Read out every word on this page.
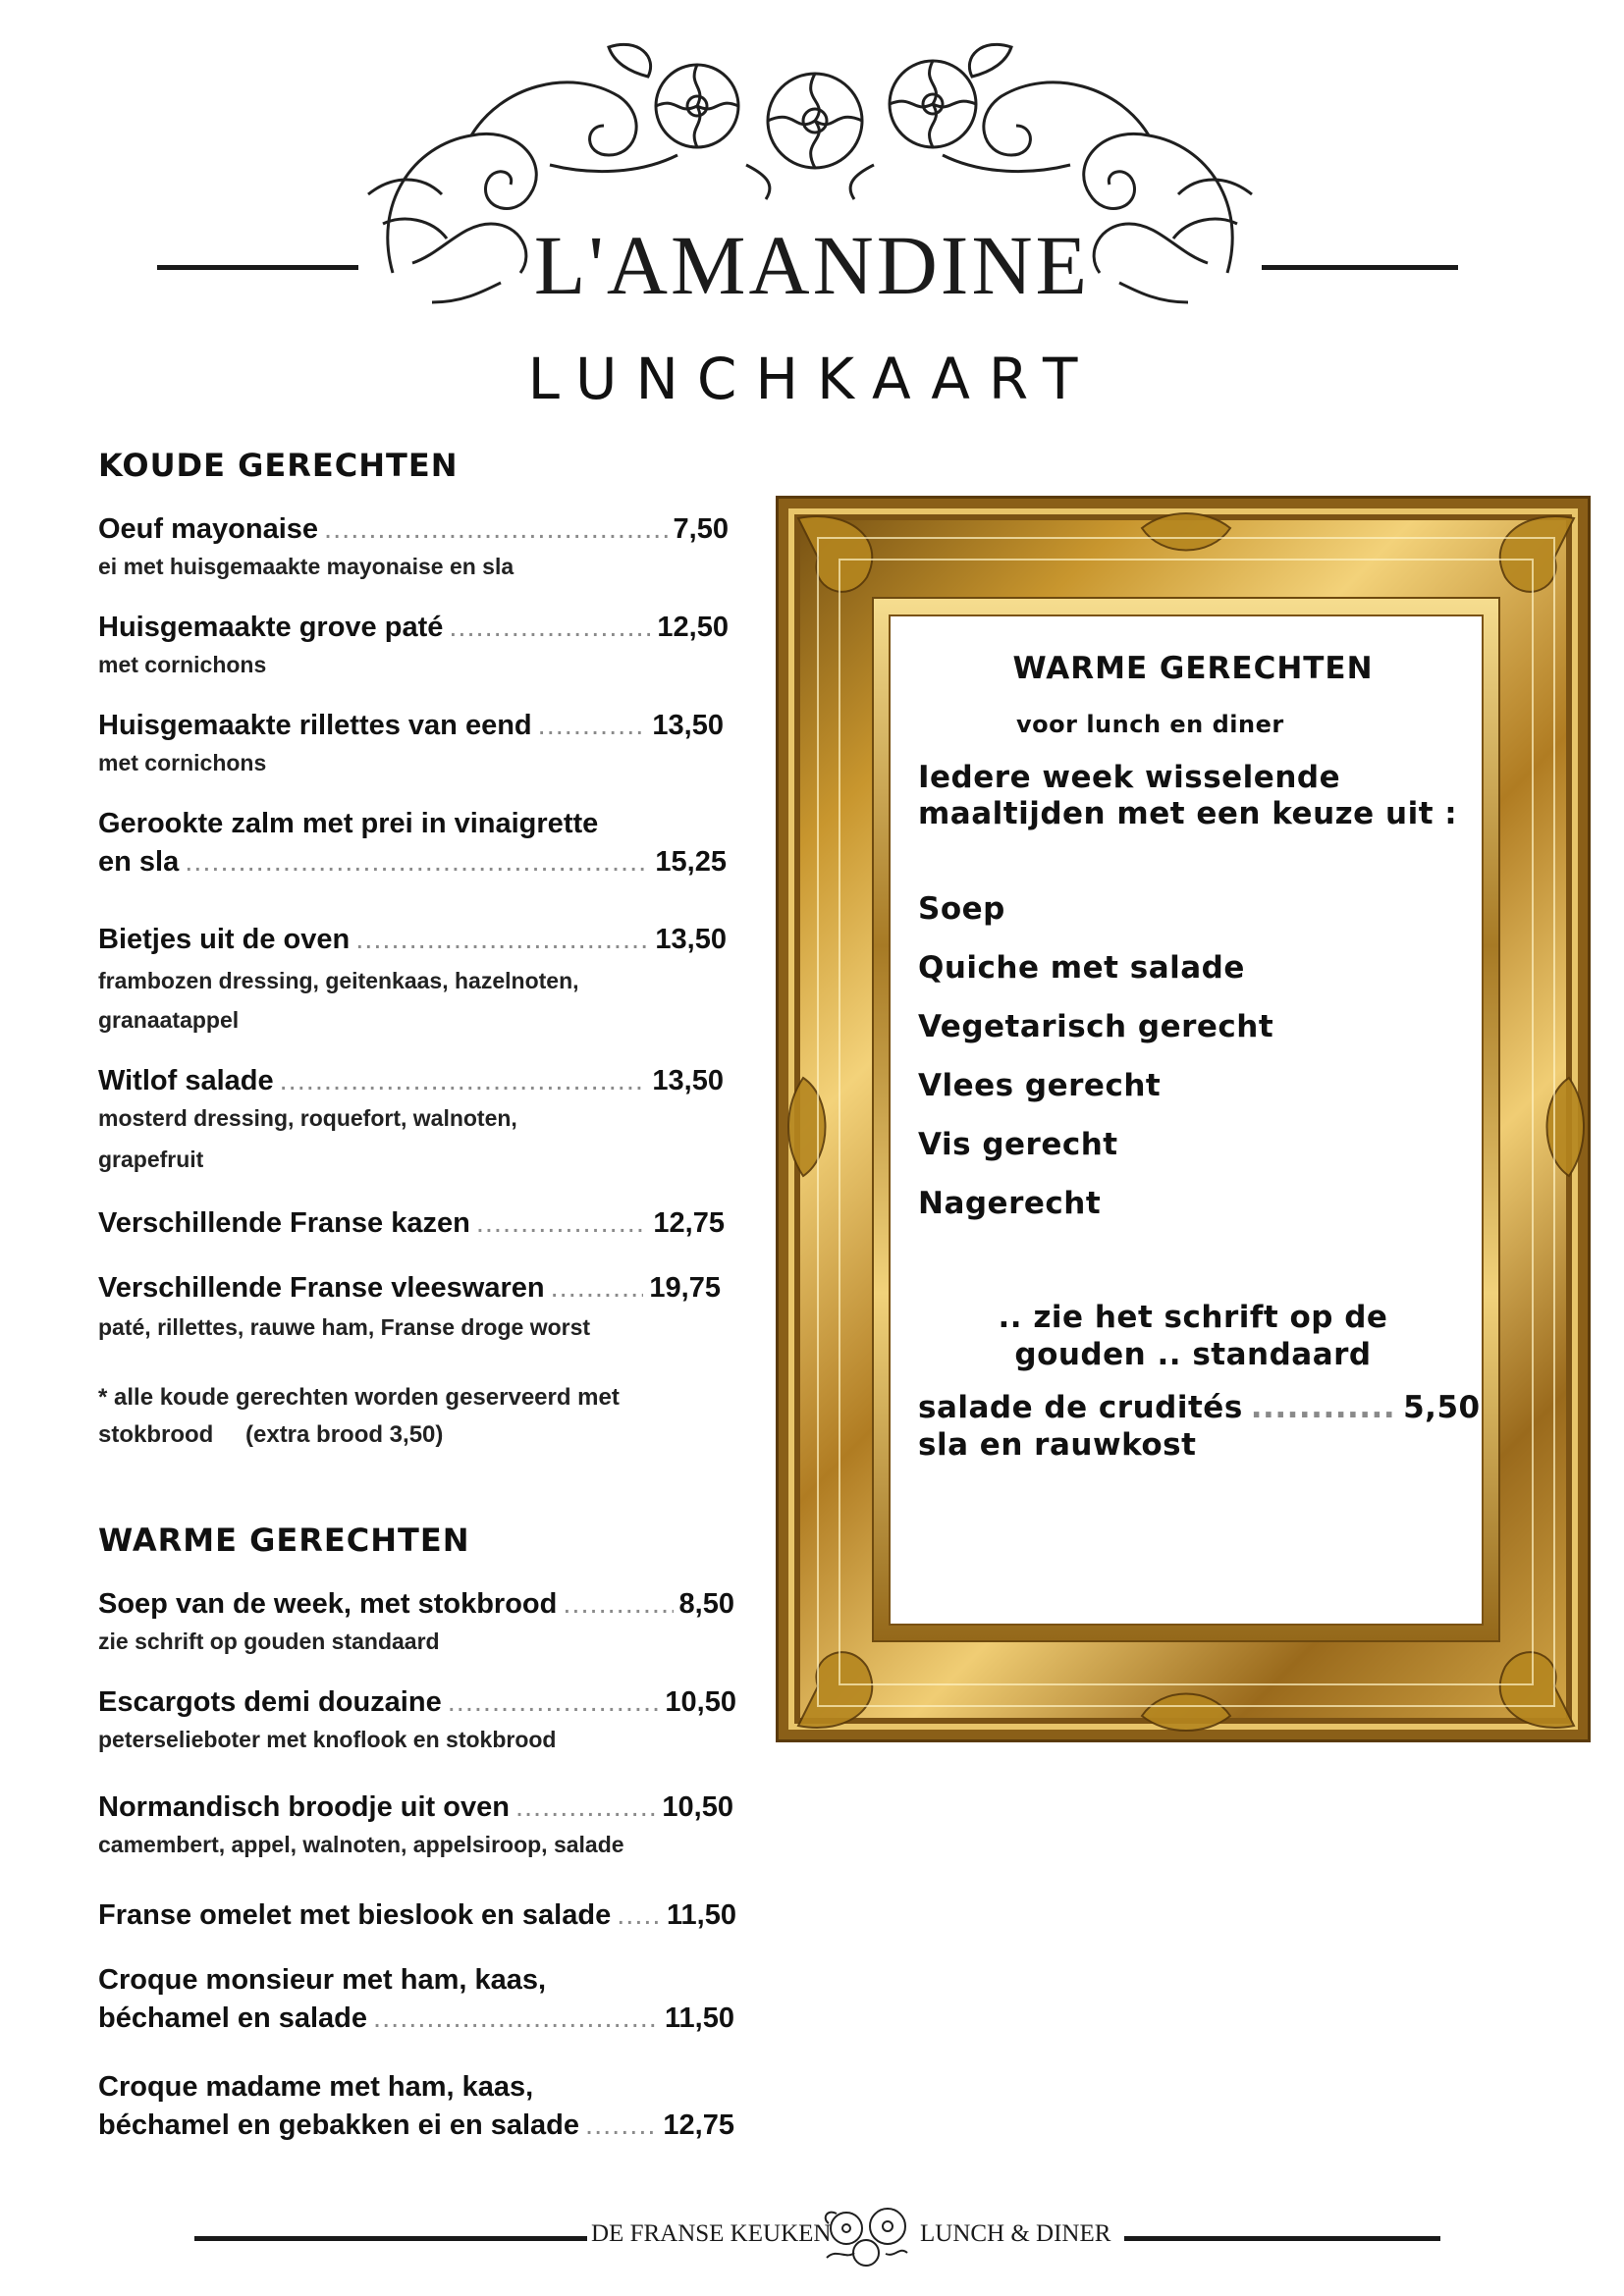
L'AMANDINE
LUNCHKAART
KOUDE GERECHTEN
Oeuf mayonaise .....	7,50
ei met huisgemaakte mayonaise en sla
Huisgemaakte grove paté .....	12,50
met cornichons
Huisgemaakte rillettes van eend .....	13,50
met cornichons
Gerookte zalm met prei in vinaigrette
en sla .....	15,25
Bietjes uit de oven .....	13,50
frambozen dressing, geitenkaas, hazelnoten,
granaatappel
Witlof salade .....	13,50
mosterd dressing, roquefort, walnoten,
grapefruit
Verschillende Franse kazen .....	12,75
Verschillende Franse vleeswaren .....	19,75
paté, rillettes, rauwe ham, Franse droge worst
* alle koude gerechten worden geserveerd met
stokbrood (extra brood 3,50)
WARME GERECHTEN
Soep van de week, met stokbrood .....	8,50
zie schrift op gouden standaard
Escargots demi douzaine .....	10,50
peterselieboter met knoflook en stokbrood
Normandisch broodje uit oven .....	10,50
camembert, appel, walnoten, appelsiroop, salade
Franse omelet met bieslook en salade ..... 11,50
Croque monsieur met ham, kaas,
béchamel en salade .....	11,50
Croque madame met ham, kaas,
béchamel en gebakken ei en salade .....	12,75
WARME GERECHTEN
voor lunch en diner
Iedere week wisselende
maaltijden met een keuze uit :
Soep
Quiche met salade
Vegetarisch gerecht
Vlees gerecht
Vis gerecht
Nagerecht
.. zie het schrift op de
gouden .. standaard
salade de crudités ............ 5,50
sla en rauwkost
DE FRANSE KEUKEN	LUNCH & DINER
